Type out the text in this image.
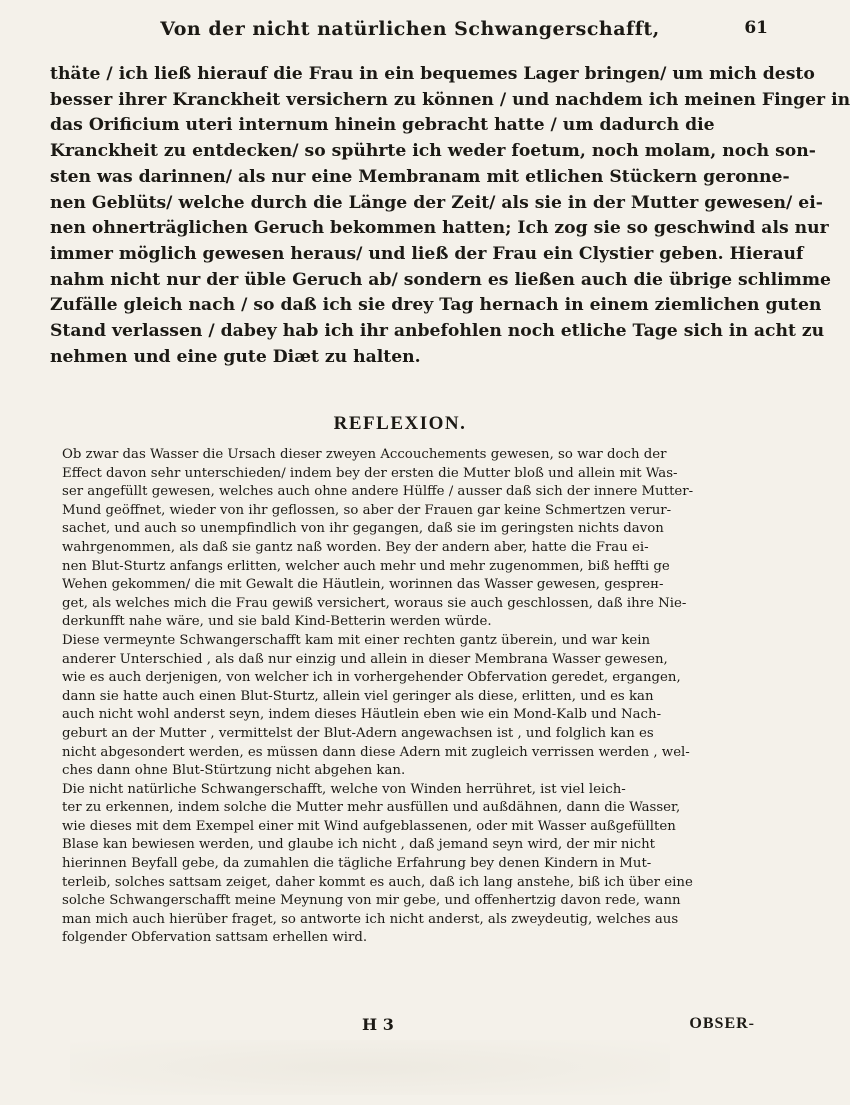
Von der nicht natürlichen Schwangerschafft,	61
thäte / ich ließ hierauf die Frau in ein bequemes Lager bringen/ um mich desto
besser ihrer Kranckheit versichern zu können / und nachdem ich meinen Finger in
das Orificium uteri internum hinein gebracht hatte / um dadurch die
Kranckheit zu entdecken/ so spührte ich weder foetum, noch molam, noch son-
sten was darinnen/ als nur eine Membranam mit etlichen Stückern geronne-
nen Geblüts/ welche durch die Länge der Zeit/ als sie in der Mutter gewesen/ ei-
nen ohnerträglichen Geruch bekommen hatten; Ich zog sie so geschwind als nur
immer möglich gewesen heraus/ und ließ der Frau ein Clystier geben. Hierauf
nahm nicht nur der üble Geruch ab/ sondern es ließen auch die übrige schlimme
Zufälle gleich nach / so daß ich sie drey Tag hernach in einem ziemlichen guten
Stand verlassen / dabey hab ich ihr anbefohlen noch etliche Tage sich in acht zu
nehmen und eine gute Diæt zu halten.
REFLEXION.
Ob zwar das Wasser die Ursach dieser zweyen Accouchements gewesen, so war doch der
Effect davon sehr unterschieden/ indem bey der ersten die Mutter bloß und allein mit Was-
ser angefüllt gewesen, welches auch ohne andere Hülffe / ausser daß sich der innere Mutter-
Mund geöffnet, wieder von ihr geflossen, so aber der Frauen gar keine Schmertzen verur-
sachet, und auch so unempfindlich von ihr gegangen, daß sie im geringsten nichts davon
wahrgenommen, als daß sie gantz naß worden. Bey der andern aber, hatte die Frau ei-
nen Blut-Sturtz anfangs erlitten, welcher auch mehr und mehr zugenommen, biß heffti ge
Wehen gekommen/ die mit Gewalt die Häutlein, worinnen das Wasser gewesen, gesprен-
get, als welches mich die Frau gewiß versichert, woraus sie auch geschlossen, daß ihre Nie-
derkunfft nahe wäre, und sie bald Kind-Betterin werden würde.
Diese vermeynte Schwangerschafft kam mit einer rechten gantz überein, und war kein
anderer Unterschied , als daß nur einzig und allein in dieser Membrana Wasser gewesen,
wie es auch derjenigen, von welcher ich in vorhergehender Obfervation geredet, ergangen,
dann sie hatte auch einen Blut-Sturtz, allein viel geringer als diese, erlitten, und es kan
auch nicht wohl anderst seyn, indem dieses Häutlein eben wie ein Mond-Kalb und Nach-
geburt an der Mutter , vermittelst der Blut-Adern angewachsen ist , und folglich kan es
nicht abgesondert werden, es müssen dann diese Adern mit zugleich verrissen werden , wel-
ches dann ohne Blut-Stürtzung nicht abgehen kan.
Die nicht natürliche Schwangerschafft, welche von Winden herrühret, ist viel leich-
ter zu erkennen, indem solche die Mutter mehr ausfüllen und außdähnen, dann die Wasser,
wie dieses mit dem Exempel einer mit Wind aufgeblassenen, oder mit Wasser außgefüllten
Blase kan bewiesen werden, und glaube ich nicht , daß jemand seyn wird, der mir nicht
hierinnen Beyfall gebe, da zumahlen die tägliche Erfahrung bey denen Kindern in Mut-
terleib, solches sattsam zeiget, daher kommt es auch, daß ich lang anstehe, biß ich über eine
solche Schwangerschafft meine Meynung von mir gebe, und offenhertzig davon rede, wann
man mich auch hierüber fraget, so antworte ich nicht anderst, als zweydeutig, welches aus
folgender Obfervation sattsam erhellen wird.
H 3	OBSER-
